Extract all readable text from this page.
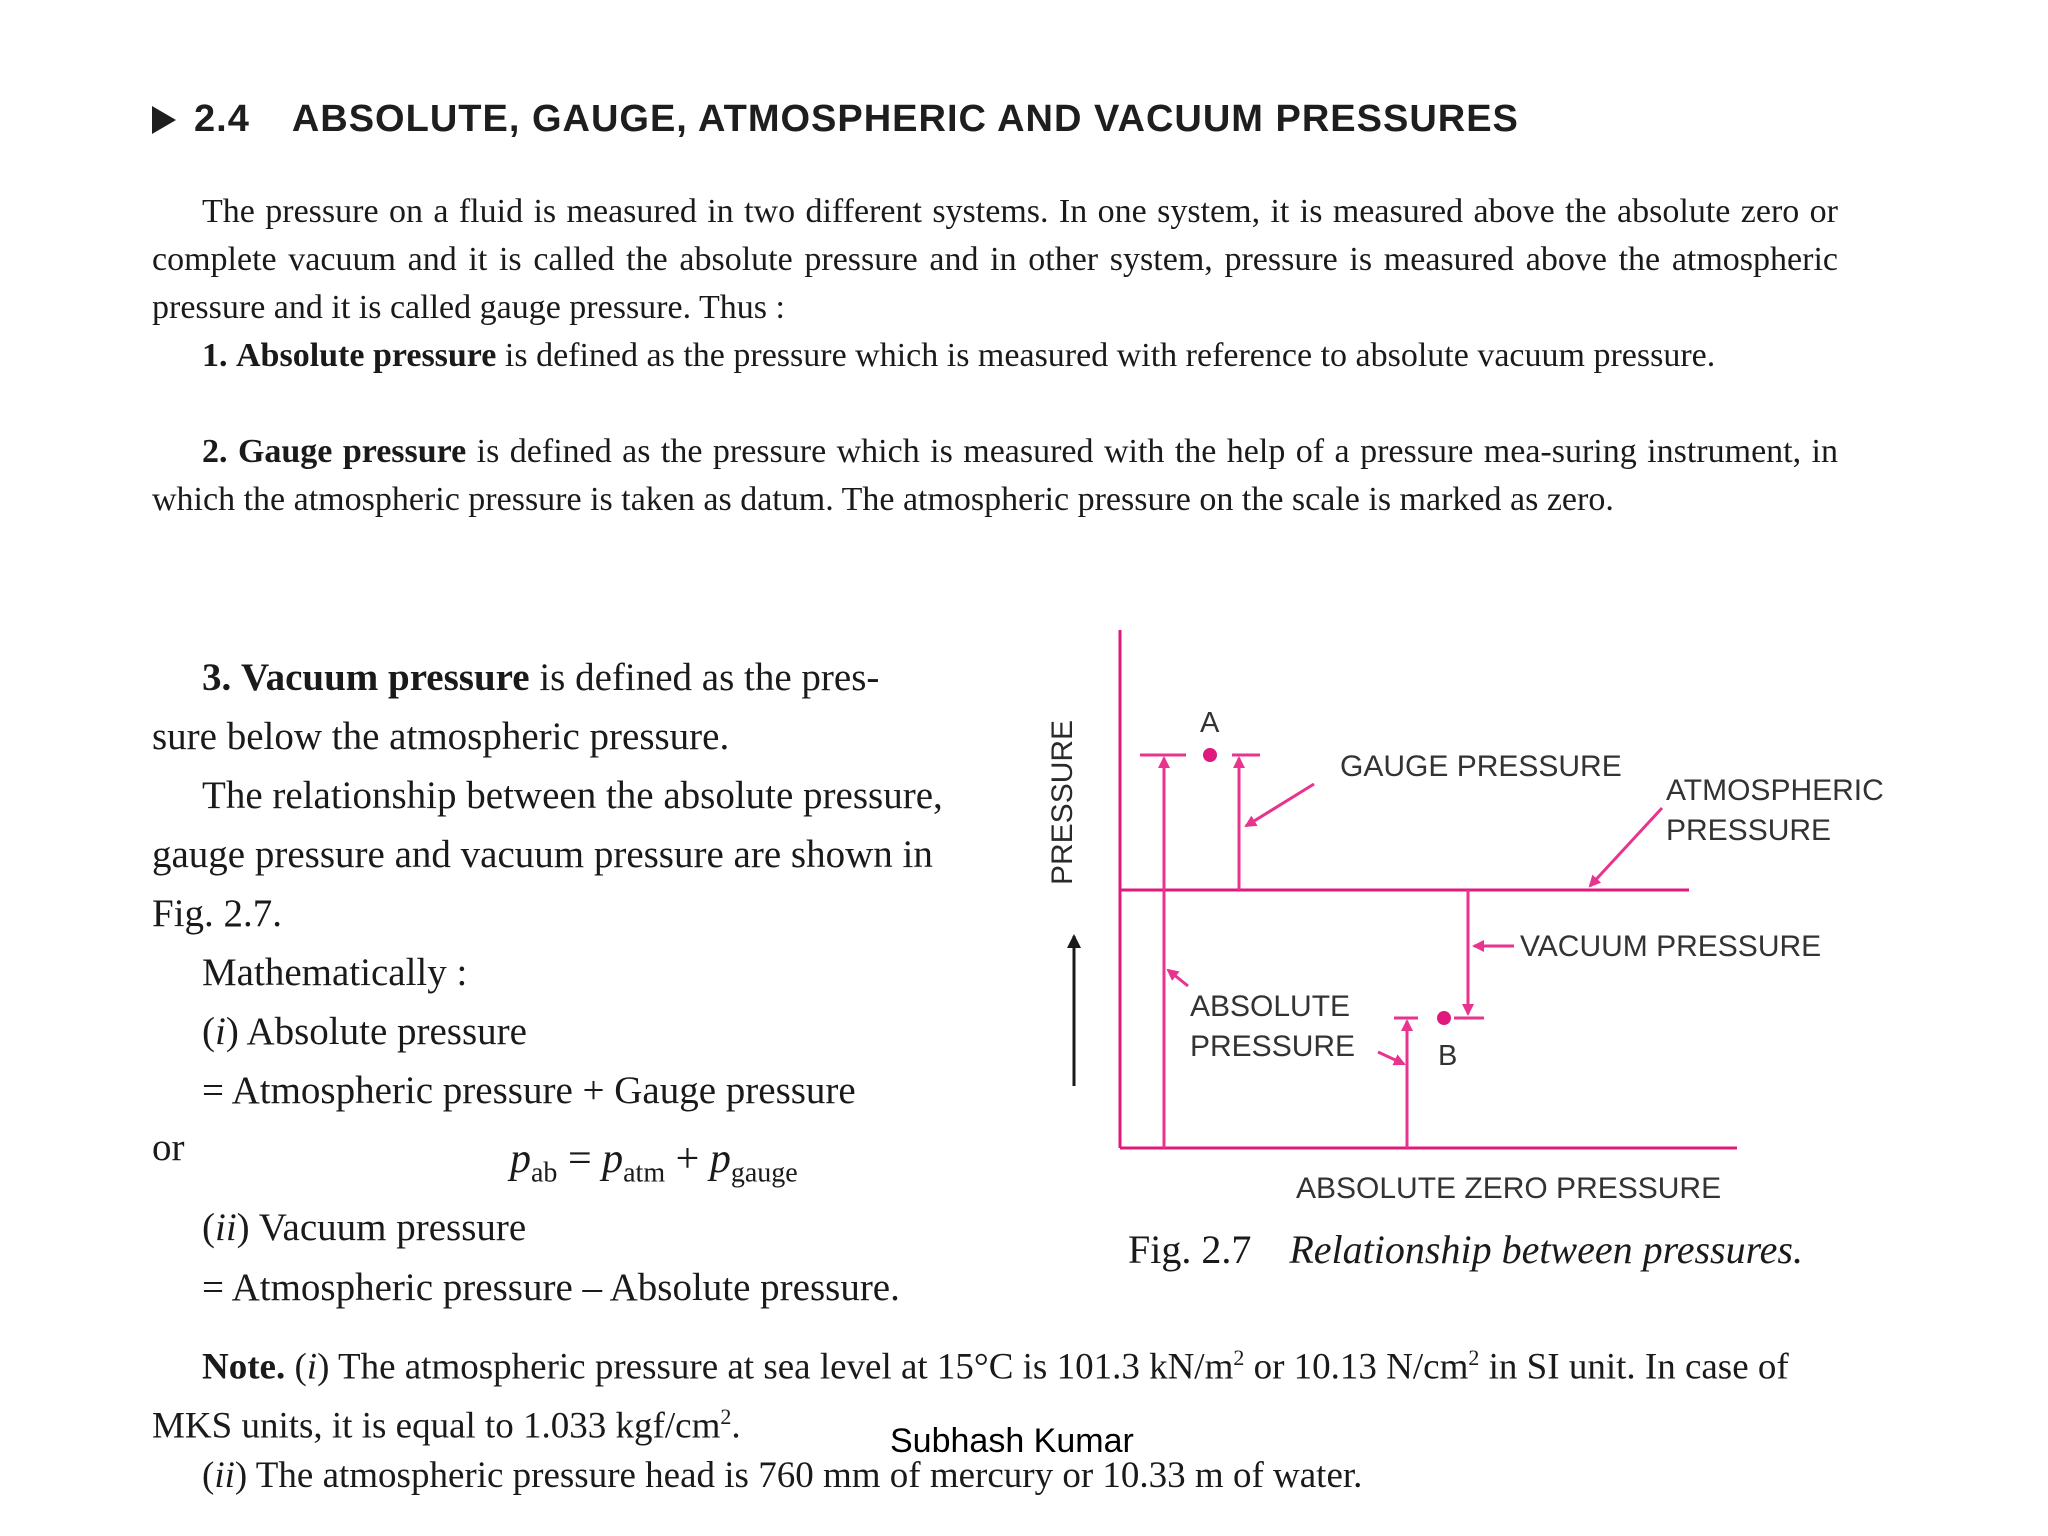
2.4 ABSOLUTE, GAUGE, ATMOSPHERIC AND VACUUM PRESSURES
The pressure on a fluid is measured in two different systems. In one system, it is measured above the absolute zero or complete vacuum and it is called the absolute pressure and in other system, pressure is measured above the atmospheric pressure and it is called gauge pressure. Thus :
1. Absolute pressure is defined as the pressure which is measured with reference to absolute vacuum pressure.
2. Gauge pressure is defined as the pressure which is measured with the help of a pressure mea-suring instrument, in which the atmospheric pressure is taken as datum. The atmospheric pressure on the scale is marked as zero.
3. Vacuum pressure is defined as the pres-
sure below the atmospheric pressure.
The relationship between the absolute pressure,
gauge pressure and vacuum pressure are shown in
Fig. 2.7.
Mathematically :
(i) Absolute pressure
= Atmospheric pressure + Gauge pressure
or	$p_{ab} = p_{atm} + p_{gauge}$
(ii) Vacuum pressure
= Atmospheric pressure – Absolute pressure.
PRESSURE	A
GAUGE PRESSURE
ATMOSPHERIC
PRESSURE
VACUUM PRESSURE
B
ABSOLUTE
PRESSURE
ABSOLUTE ZERO PRESSURE
Fig. 2.7 Relationship between pressures.
Note. (i) The atmospheric pressure at sea level at 15°C is 101.3 $kN/m^2$ or 10.13 $N/cm^2$ in SI unit. In case of
MKS units, it is equal to 1.033 kgf/$cm^2$.
(ii) The atmospheric pressure head is 760 mm of mercury or 10.33 m of water.
Subhash Kumar
